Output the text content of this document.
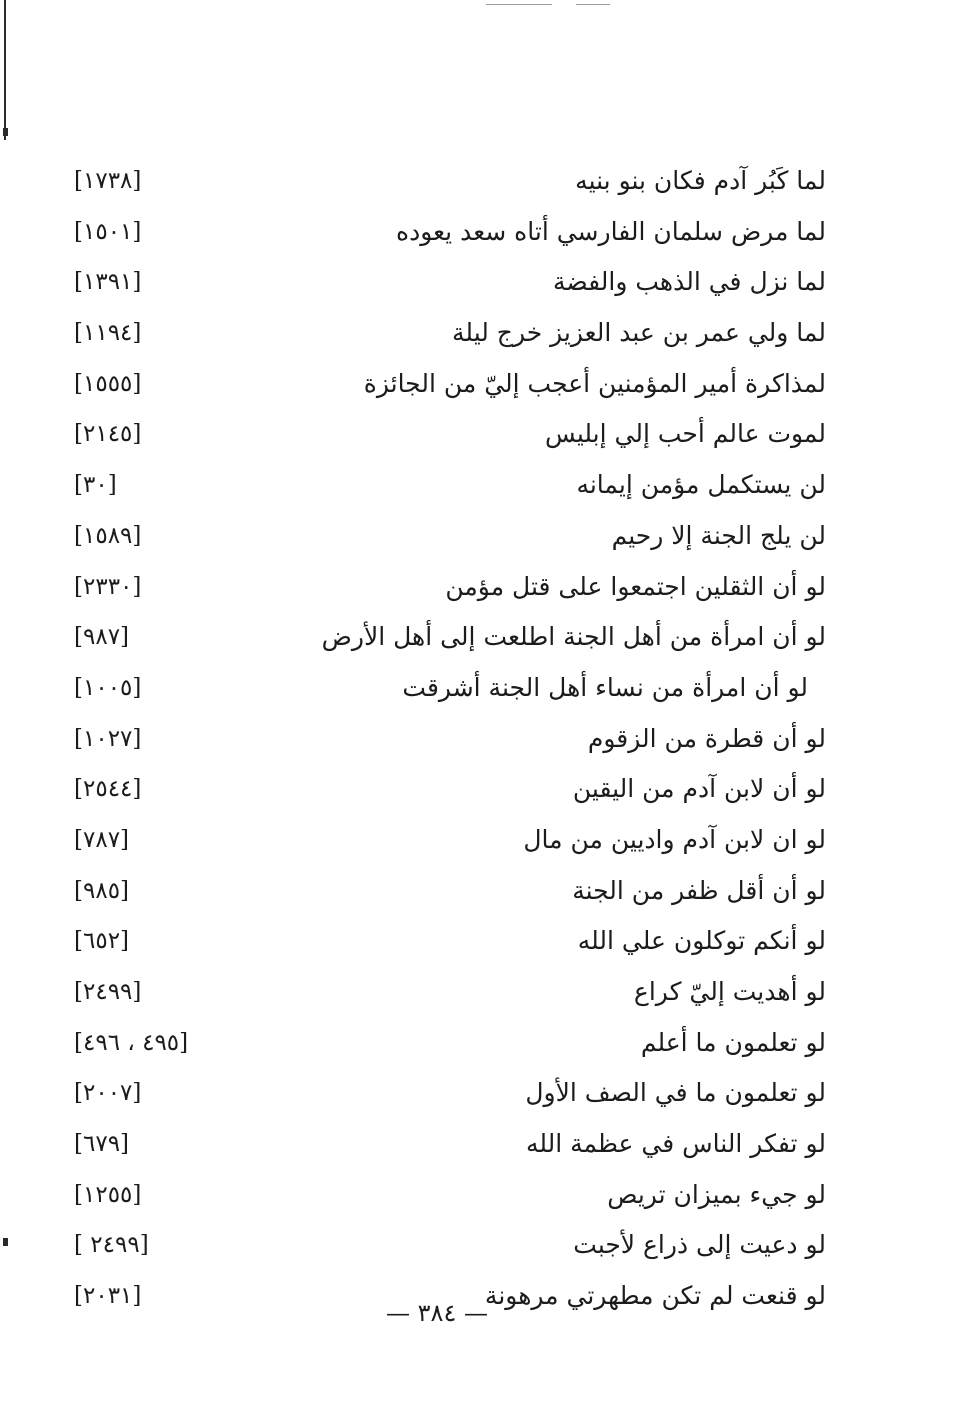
لما كَبُر آدم فكان بنو بنيه
[١٧٣٨]
لما مرض سلمان الفارسي أتاه سعد يعوده
[١٥٠١]
لما نزل في الذهب والفضة
[١٣٩١]
لما ولي عمر بن عبد العزيز خرج ليلة
[١١٩٤]
لمذاكرة أمير المؤمنين أعجب إليّ من الجائزة
[١٥٥٥]
لموت عالم أحب إلي إبليس
[٢١٤٥]
لن يستكمل مؤمن إيمانه
[٣٠]
لن يلج الجنة إلا رحيم
[١٥٨٩]
لو أن الثقلين اجتمعوا على قتل مؤمن
[٢٣٣٠]
لو أن امرأة من أهل الجنة اطلعت إلى أهل الأرض
[٩٨٧]
لو أن امرأة من نساء أهل الجنة أشرقت
[١٠٠٥]
لو أن قطرة من الزقوم
[١٠٢٧]
لو أن لابن آدم من اليقين
[٢٥٤٤]
لو ان لابن آدم واديين من مال
[٧٨٧]
لو أن أقل ظفر من الجنة
[٩٨٥]
لو أنكم توكلون علي الله
[٦٥٢]
لو أهديت إليّ كراع
[٢٤٩٩]
لو تعلمون ما أعلم
[٤٩٥ ، ٤٩٦]
لو تعلمون ما في الصف الأول
[٢٠٠٧]
لو تفكر الناس في عظمة الله
[٦٧٩]
لو جيء بميزان تريص
[١٢٥٥]
لو دعيت إلى ذراع لأجبت
[ ٢٤٩٩]
لو قنعت لم تكن مطهرتي مرهونة
[٢٠٣١]
— ٣٨٤ —
